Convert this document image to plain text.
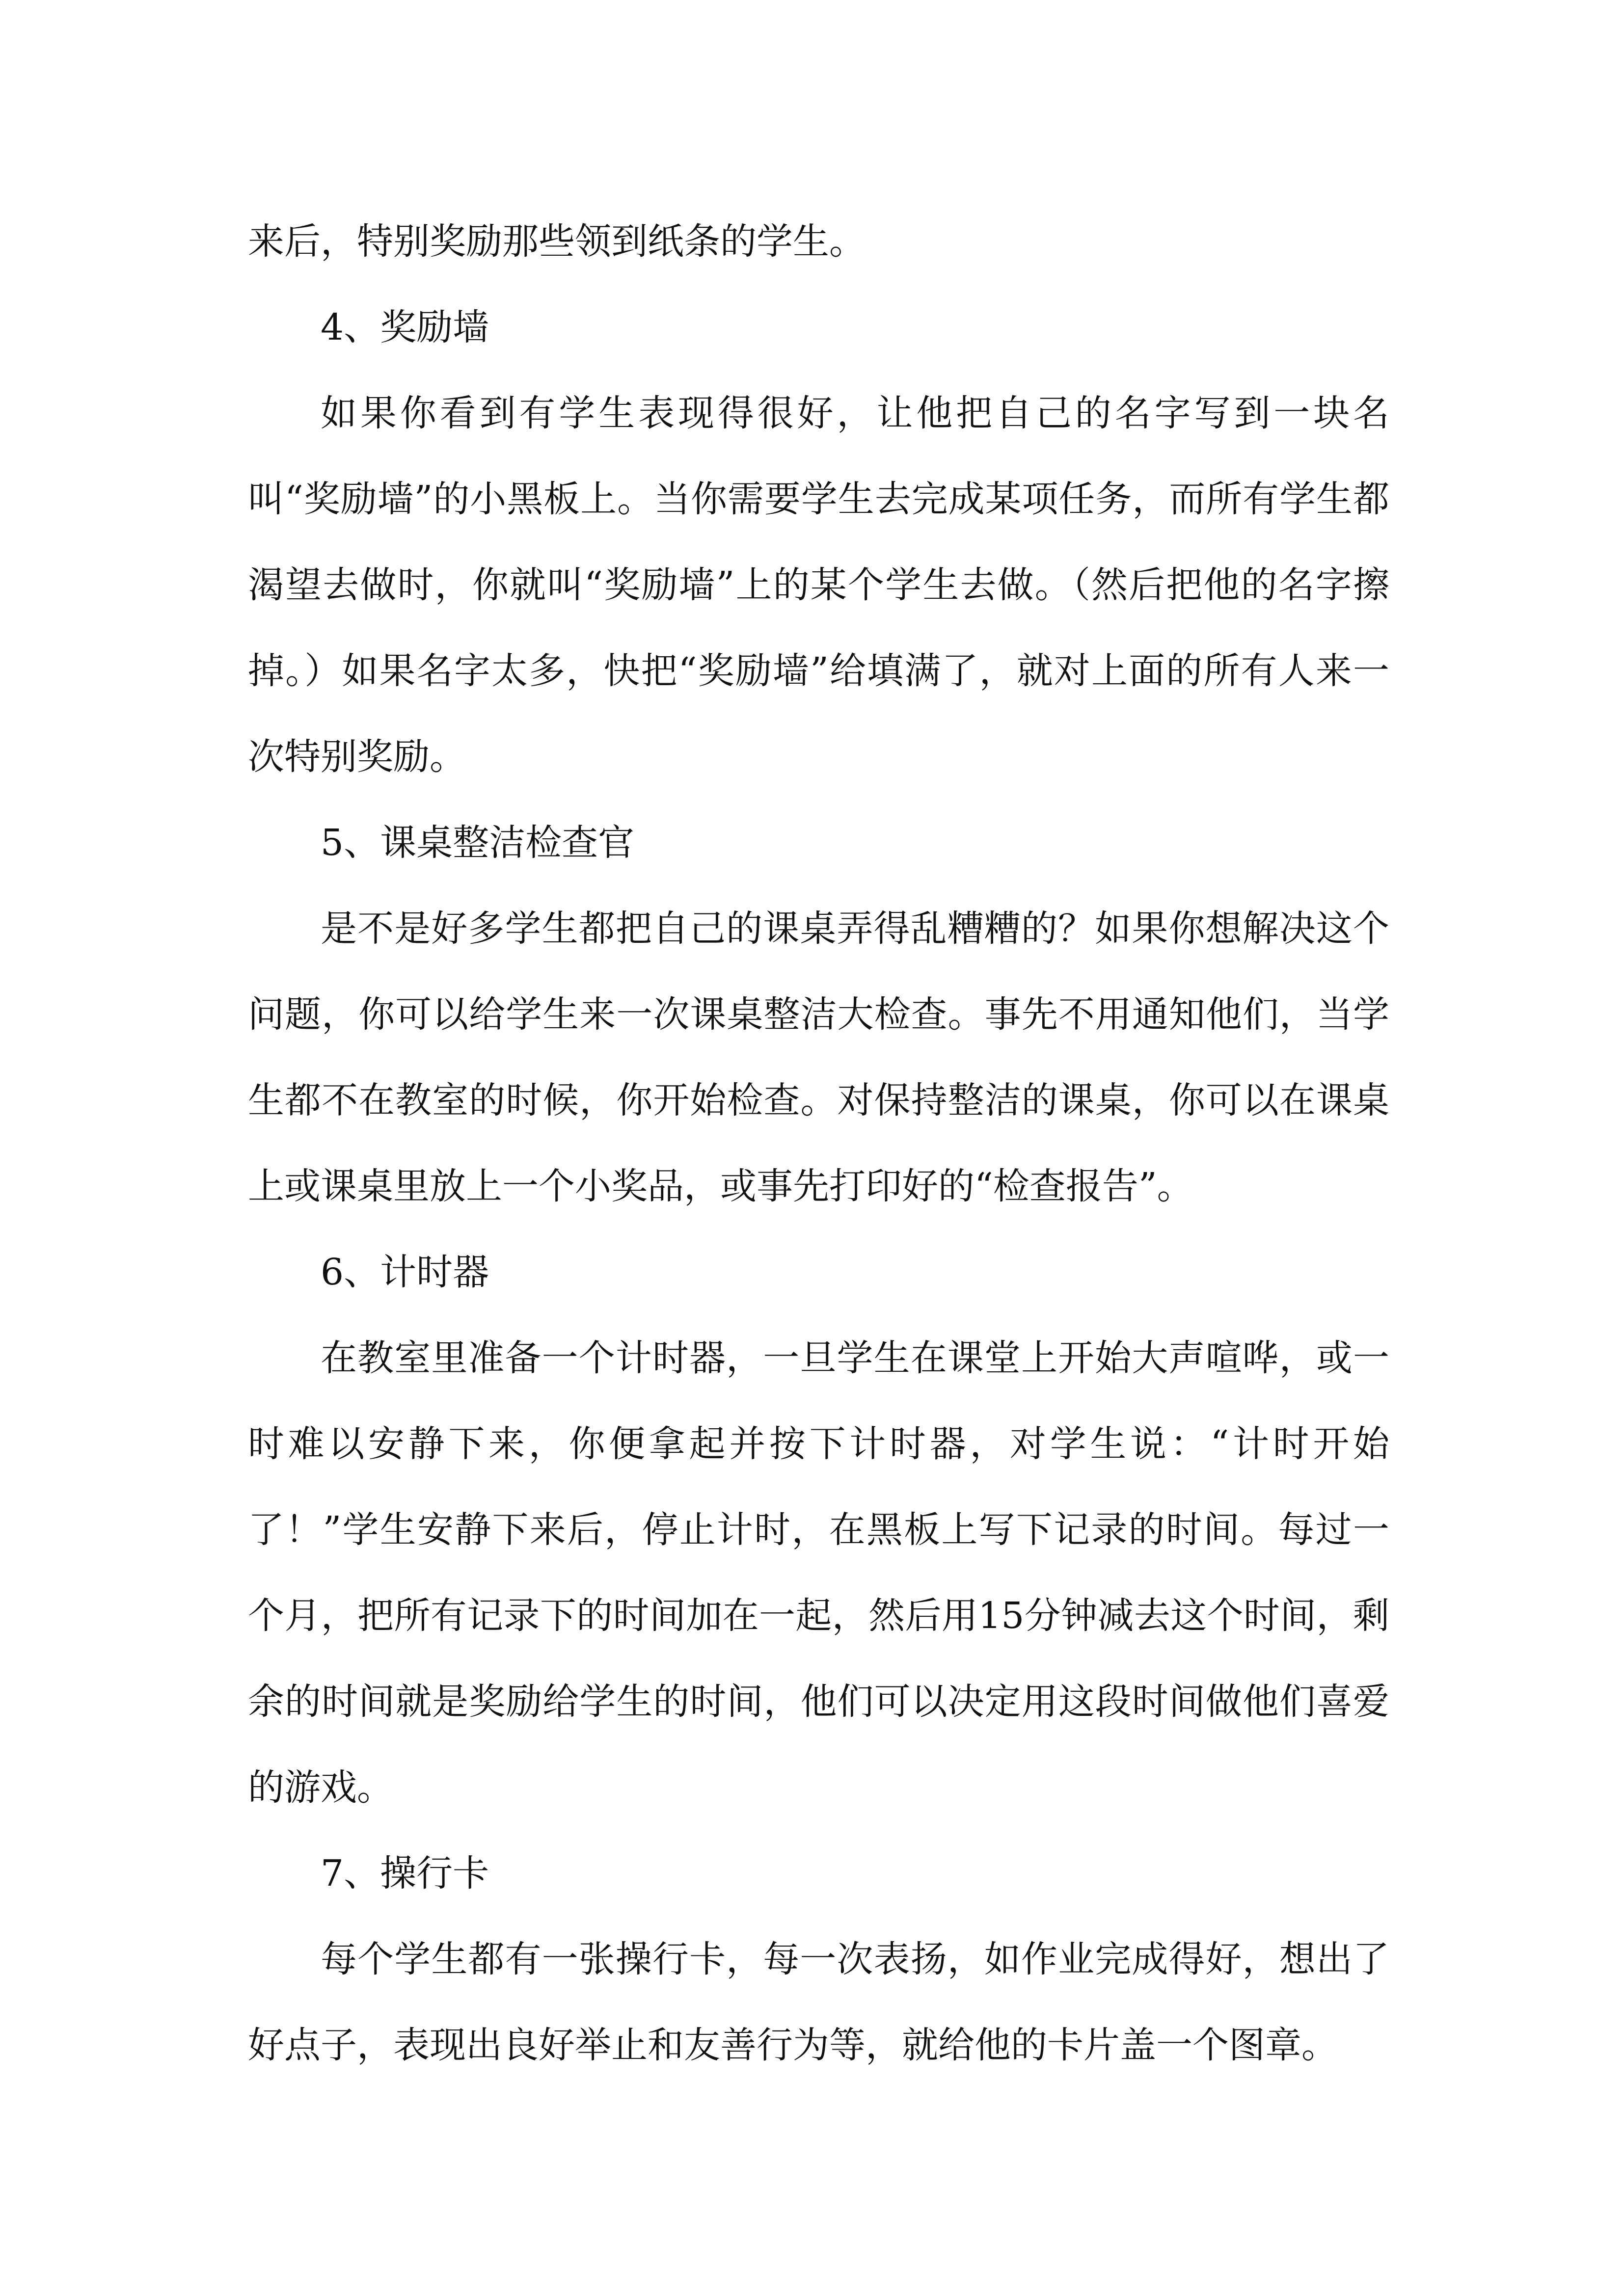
来后，特别奖励那些领到纸条的学生。

4、奖励墙

如果你看到有学生表现得很好，让他把自己的名字写到一块名叫“奖励墙”的小黑板上。当你需要学生去完成某项任务，而所有学生都渴望去做时，你就叫“奖励墙”上的某个学生去做。（然后把他的名字擦掉。）如果名字太多，快把“奖励墙”给填满了，就对上面的所有人来一次特别奖励。

5、课桌整洁检查官

是不是好多学生都把自己的课桌弄得乱糟糟的？如果你想解决这个问题，你可以给学生来一次课桌整洁大检查。事先不用通知他们，当学生都不在教室的时候，你开始检查。对保持整洁的课桌，你可以在课桌上或课桌里放上一个小奖品，或事先打印好的“检查报告”。

6、计时器

在教室里准备一个计时器，一旦学生在课堂上开始大声喧哗，或一时难以安静下来，你便拿起并按下计时器，对学生说：“计时开始了！”学生安静下来后，停止计时，在黑板上写下记录的时间。每过一个月，把所有记录下的时间加在一起，然后用15分钟减去这个时间，剩余的时间就是奖励给学生的时间，他们可以决定用这段时间做他们喜爱的游戏。

7、操行卡

每个学生都有一张操行卡，每一次表扬，如作业完成得好，想出了好点子，表现出良好举止和友善行为等，就给他的卡片盖一个图章。
